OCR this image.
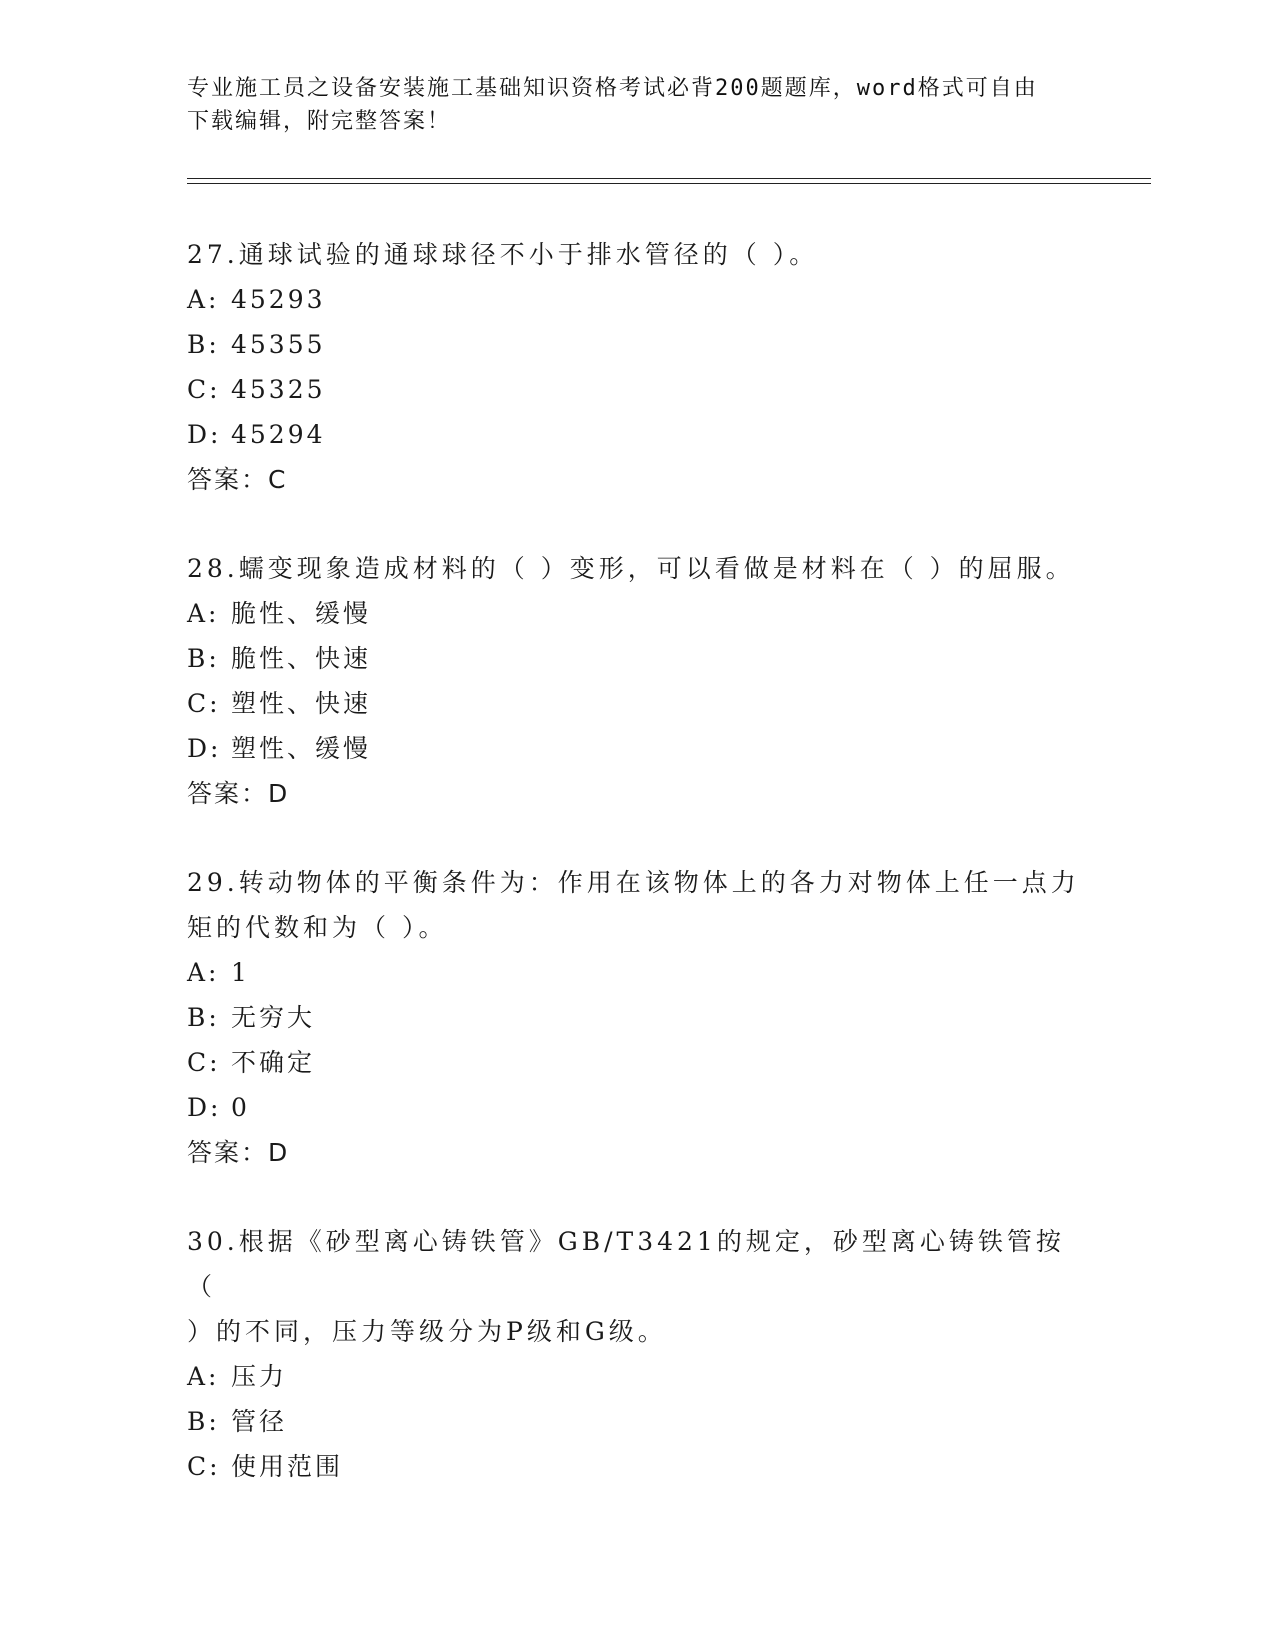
专业施工员之设备安装施工基础知识资格考试必背200题题库，word格式可自由
下载编辑，附完整答案！

27.通球试验的通球球径不小于排水管径的（ ）。

A: 45293
B: 45355
C: 45325
D: 45294

答案：C

28.蠕变现象造成材料的（ ）变形，可以看做是材料在（ ）的屈服。

A: 脆性、缓慢
B: 脆性、快速
C: 塑性、快速
D: 塑性、缓慢

答案：D

29.转动物体的平衡条件为：作用在该物体上的各力对物体上任一点力

矩的代数和为（ ）。

A: 1
B: 无穷大
C: 不确定
D: 0

答案：D

30.根据《砂型离心铸铁管》GB/T3421的规定，砂型离心铸铁管按（

）的不同，压力等级分为P级和G级。

A: 压力
B: 管径
C: 使用范围
